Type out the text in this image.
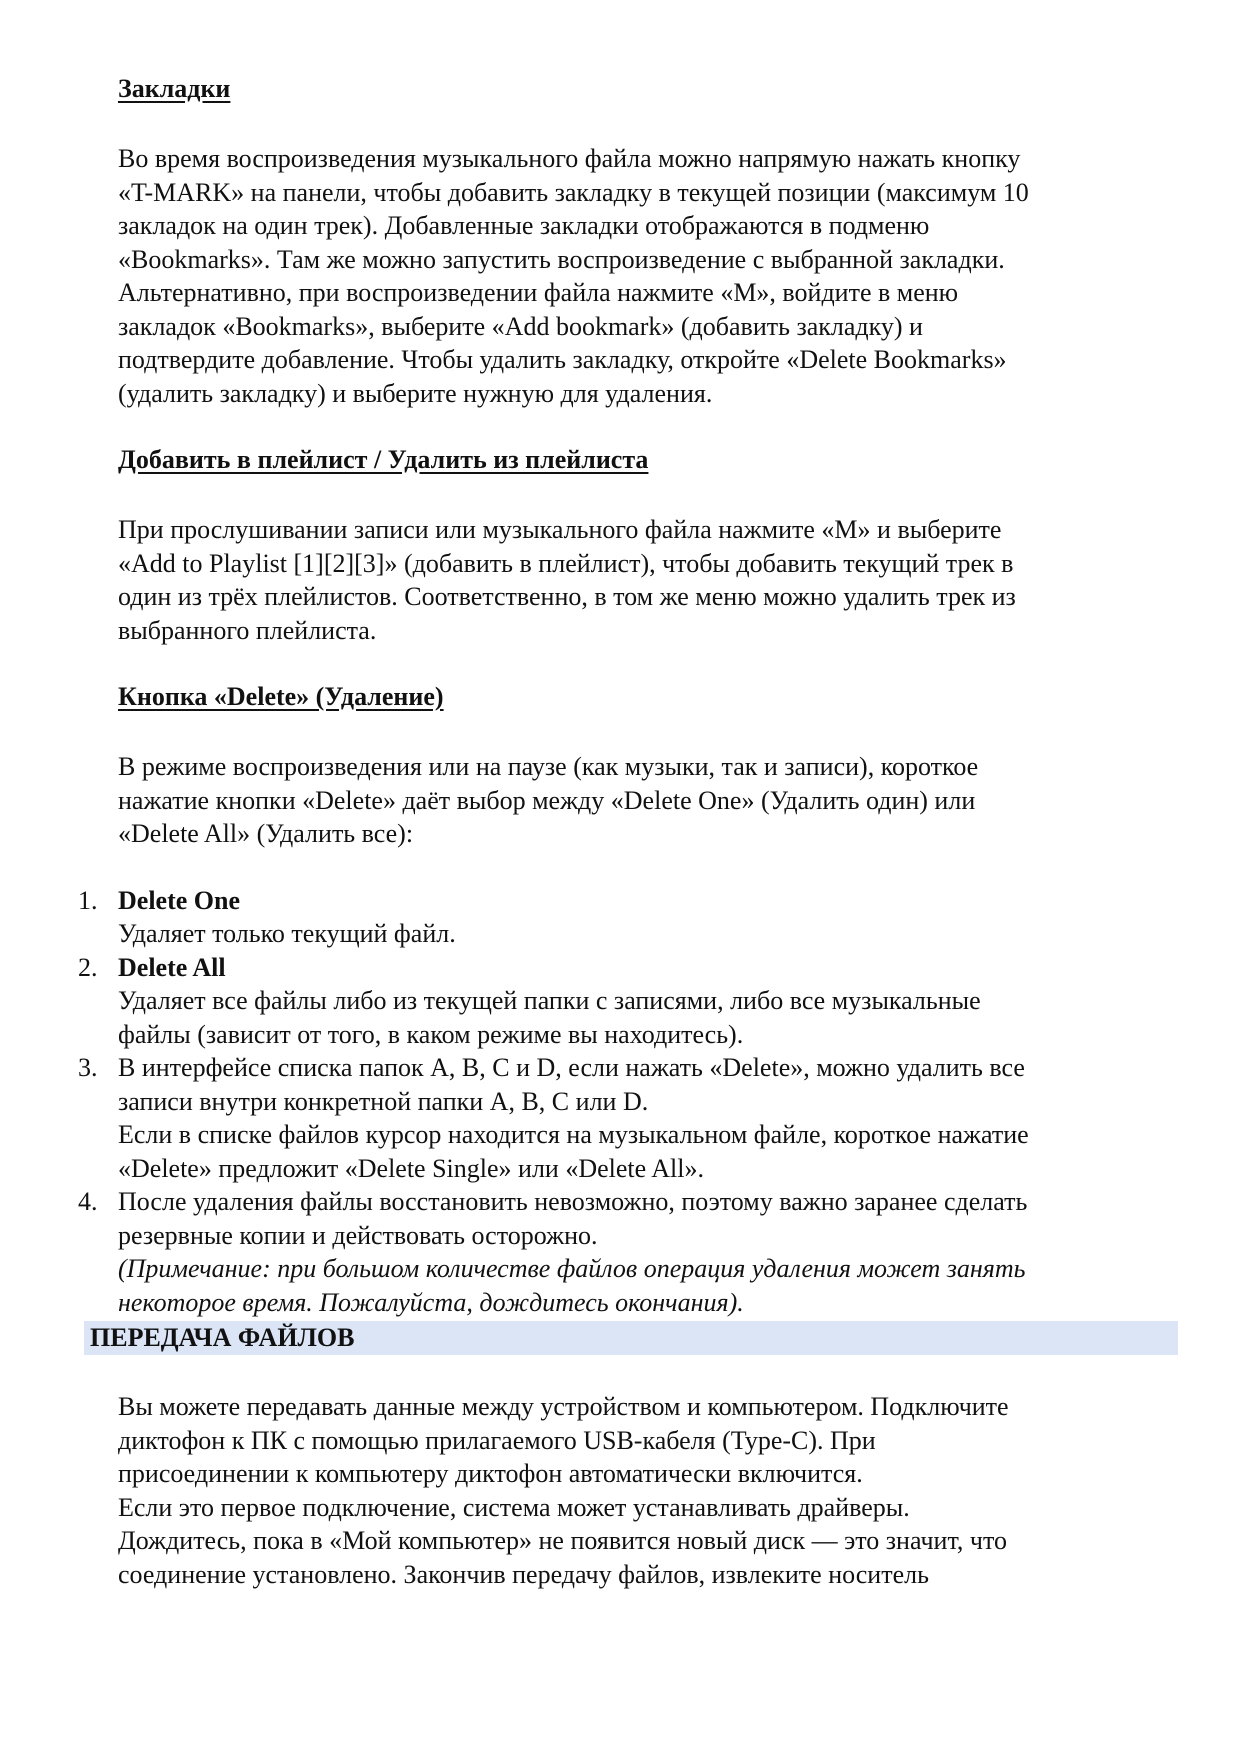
Закладки

Во время воспроизведения музыкального файла можно напрямую нажать кнопку
«T-MARK» на панели, чтобы добавить закладку в текущей позиции (максимум 10
закладок на один трек). Добавленные закладки отображаются в подменю
«Bookmarks». Там же можно запустить воспроизведение с выбранной закладки.
Альтернативно, при воспроизведении файла нажмите «M», войдите в меню
закладок «Bookmarks», выберите «Add bookmark» (добавить закладку) и
подтвердите добавление. Чтобы удалить закладку, откройте «Delete Bookmarks»
(удалить закладку) и выберите нужную для удаления.

Добавить в плейлист / Удалить из плейлиста

При прослушивании записи или музыкального файла нажмите «M» и выберите
«Add to Playlist [1][2][3]» (добавить в плейлист), чтобы добавить текущий трек в
один из трёх плейлистов. Соответственно, в том же меню можно удалить трек из
выбранного плейлиста.

Кнопка «Delete» (Удаление)

В режиме воспроизведения или на паузе (как музыки, так и записи), короткое
нажатие кнопки «Delete» даёт выбор между «Delete One» (Удалить один) или
«Delete All» (Удалить все):

1. Delete One
Удаляет только текущий файл.
2. Delete All
Удаляет все файлы либо из текущей папки с записями, либо все музыкальные
файлы (зависит от того, в каком режиме вы находитесь).
3. В интерфейсе списка папок A, B, C и D, если нажать «Delete», можно удалить все
записи внутри конкретной папки A, B, C или D.
Если в списке файлов курсор находится на музыкальном файле, короткое нажатие
«Delete» предложит «Delete Single» или «Delete All».
4. После удаления файлы восстановить невозможно, поэтому важно заранее сделать
резервные копии и действовать осторожно.
(Примечание: при большом количестве файлов операция удаления может занять
некоторое время. Пожалуйста, дождитесь окончания).
ПЕРЕДАЧА ФАЙЛОВ

Вы можете передавать данные между устройством и компьютером. Подключите
диктофон к ПК с помощью прилагаемого USB-кабеля (Type-C). При
присоединении к компьютеру диктофон автоматически включится.
Если это первое подключение, система может устанавливать драйверы.
Дождитесь, пока в «Мой компьютер» не появится новый диск — это значит, что
соединение установлено. Закончив передачу файлов, извлеките носитель
